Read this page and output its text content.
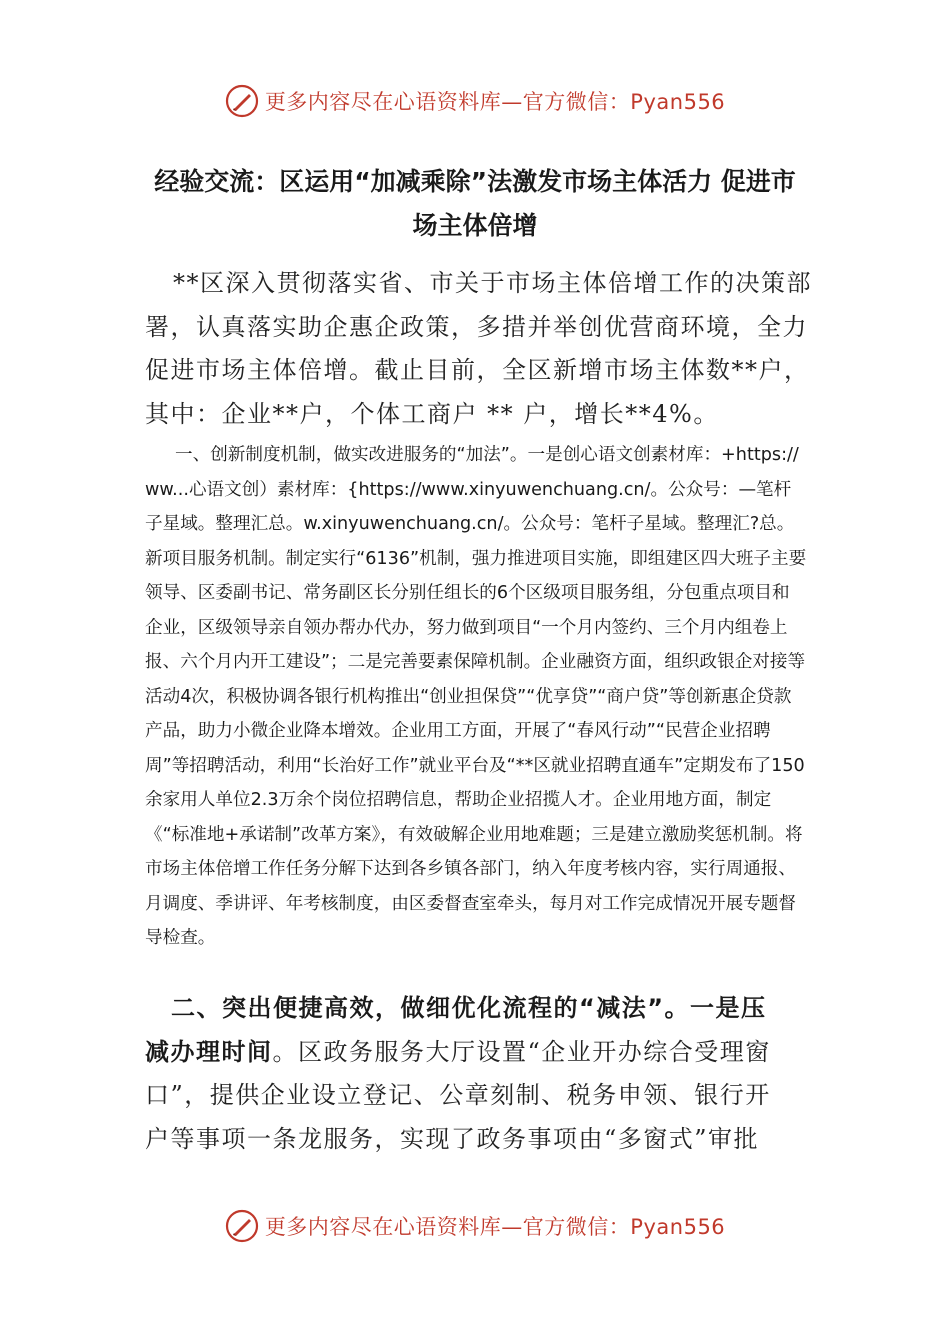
更多内容尽在心语资料库—官方微信：Pyan556
经验交流：区运用“加减乘除”法激发市场主体活力 促进市场主体倍增

**区深入贯彻落实省、市关于市场主体倍增工作的决策部署，认真落实助企惠企政策，多措并举创优营商环境，全力促进市场主体倍增。截止目前，全区新增市场主体数**户，其中：企业**户，个体工商户 ** 户，增长**4%。

一、创新制度机制，做实改进服务的“加法”。一是创心语文创素材库：+https://ww...心语文创）素材库：{https://www.xinyuwenchuang.cn/。公众号：—笔杆子星域。整理汇总。w.xinyuwenchuang.cn/。公众号：笔杆子星域。整理汇?总。新项目服务机制。制定实行“6136”机制，强力推进项目实施，即组建区四大班子主要领导、区委副书记、常务副区长分别任组长的6个区级项目服务组，分包重点项目和企业，区级领导亲自领办帮办代办，努力做到项目“一个月内签约、三个月内组卷上报、六个月内开工建设”；二是完善要素保障机制。企业融资方面，组织政银企对接等活动4次，积极协调各银行机构推出“创业担保贷”“优享贷”“商户贷”等创新惠企贷款产品，助力小微企业降本增效。企业用工方面，开展了“春风行动”“民营企业招聘周”等招聘活动，利用“长治好工作”就业平台及“**区就业招聘直通车”定期发布了150余家用人单位2.3万余个岗位招聘信息，帮助企业招揽人才。企业用地方面，制定《“标准地+承诺制”改革方案》，有效破解企业用地难题；三是建立激励奖惩机制。将市场主体倍增工作任务分解下达到各乡镇各部门，纳入年度考核内容，实行周通报、月调度、季讲评、年考核制度，由区委督查室牵头，每月对工作完成情况开展专题督导检查。

二、突出便捷高效，做细优化流程的“减法”。一是压减办理时间。区政务服务大厅设置“企业开办综合受理窗口”，提供企业设立登记、公章刻制、税务申领、银行开户等事项一条龙服务，实现了政务事项由“多窗式”审批

更多内容尽在心语资料库—官方微信：Pyan556
